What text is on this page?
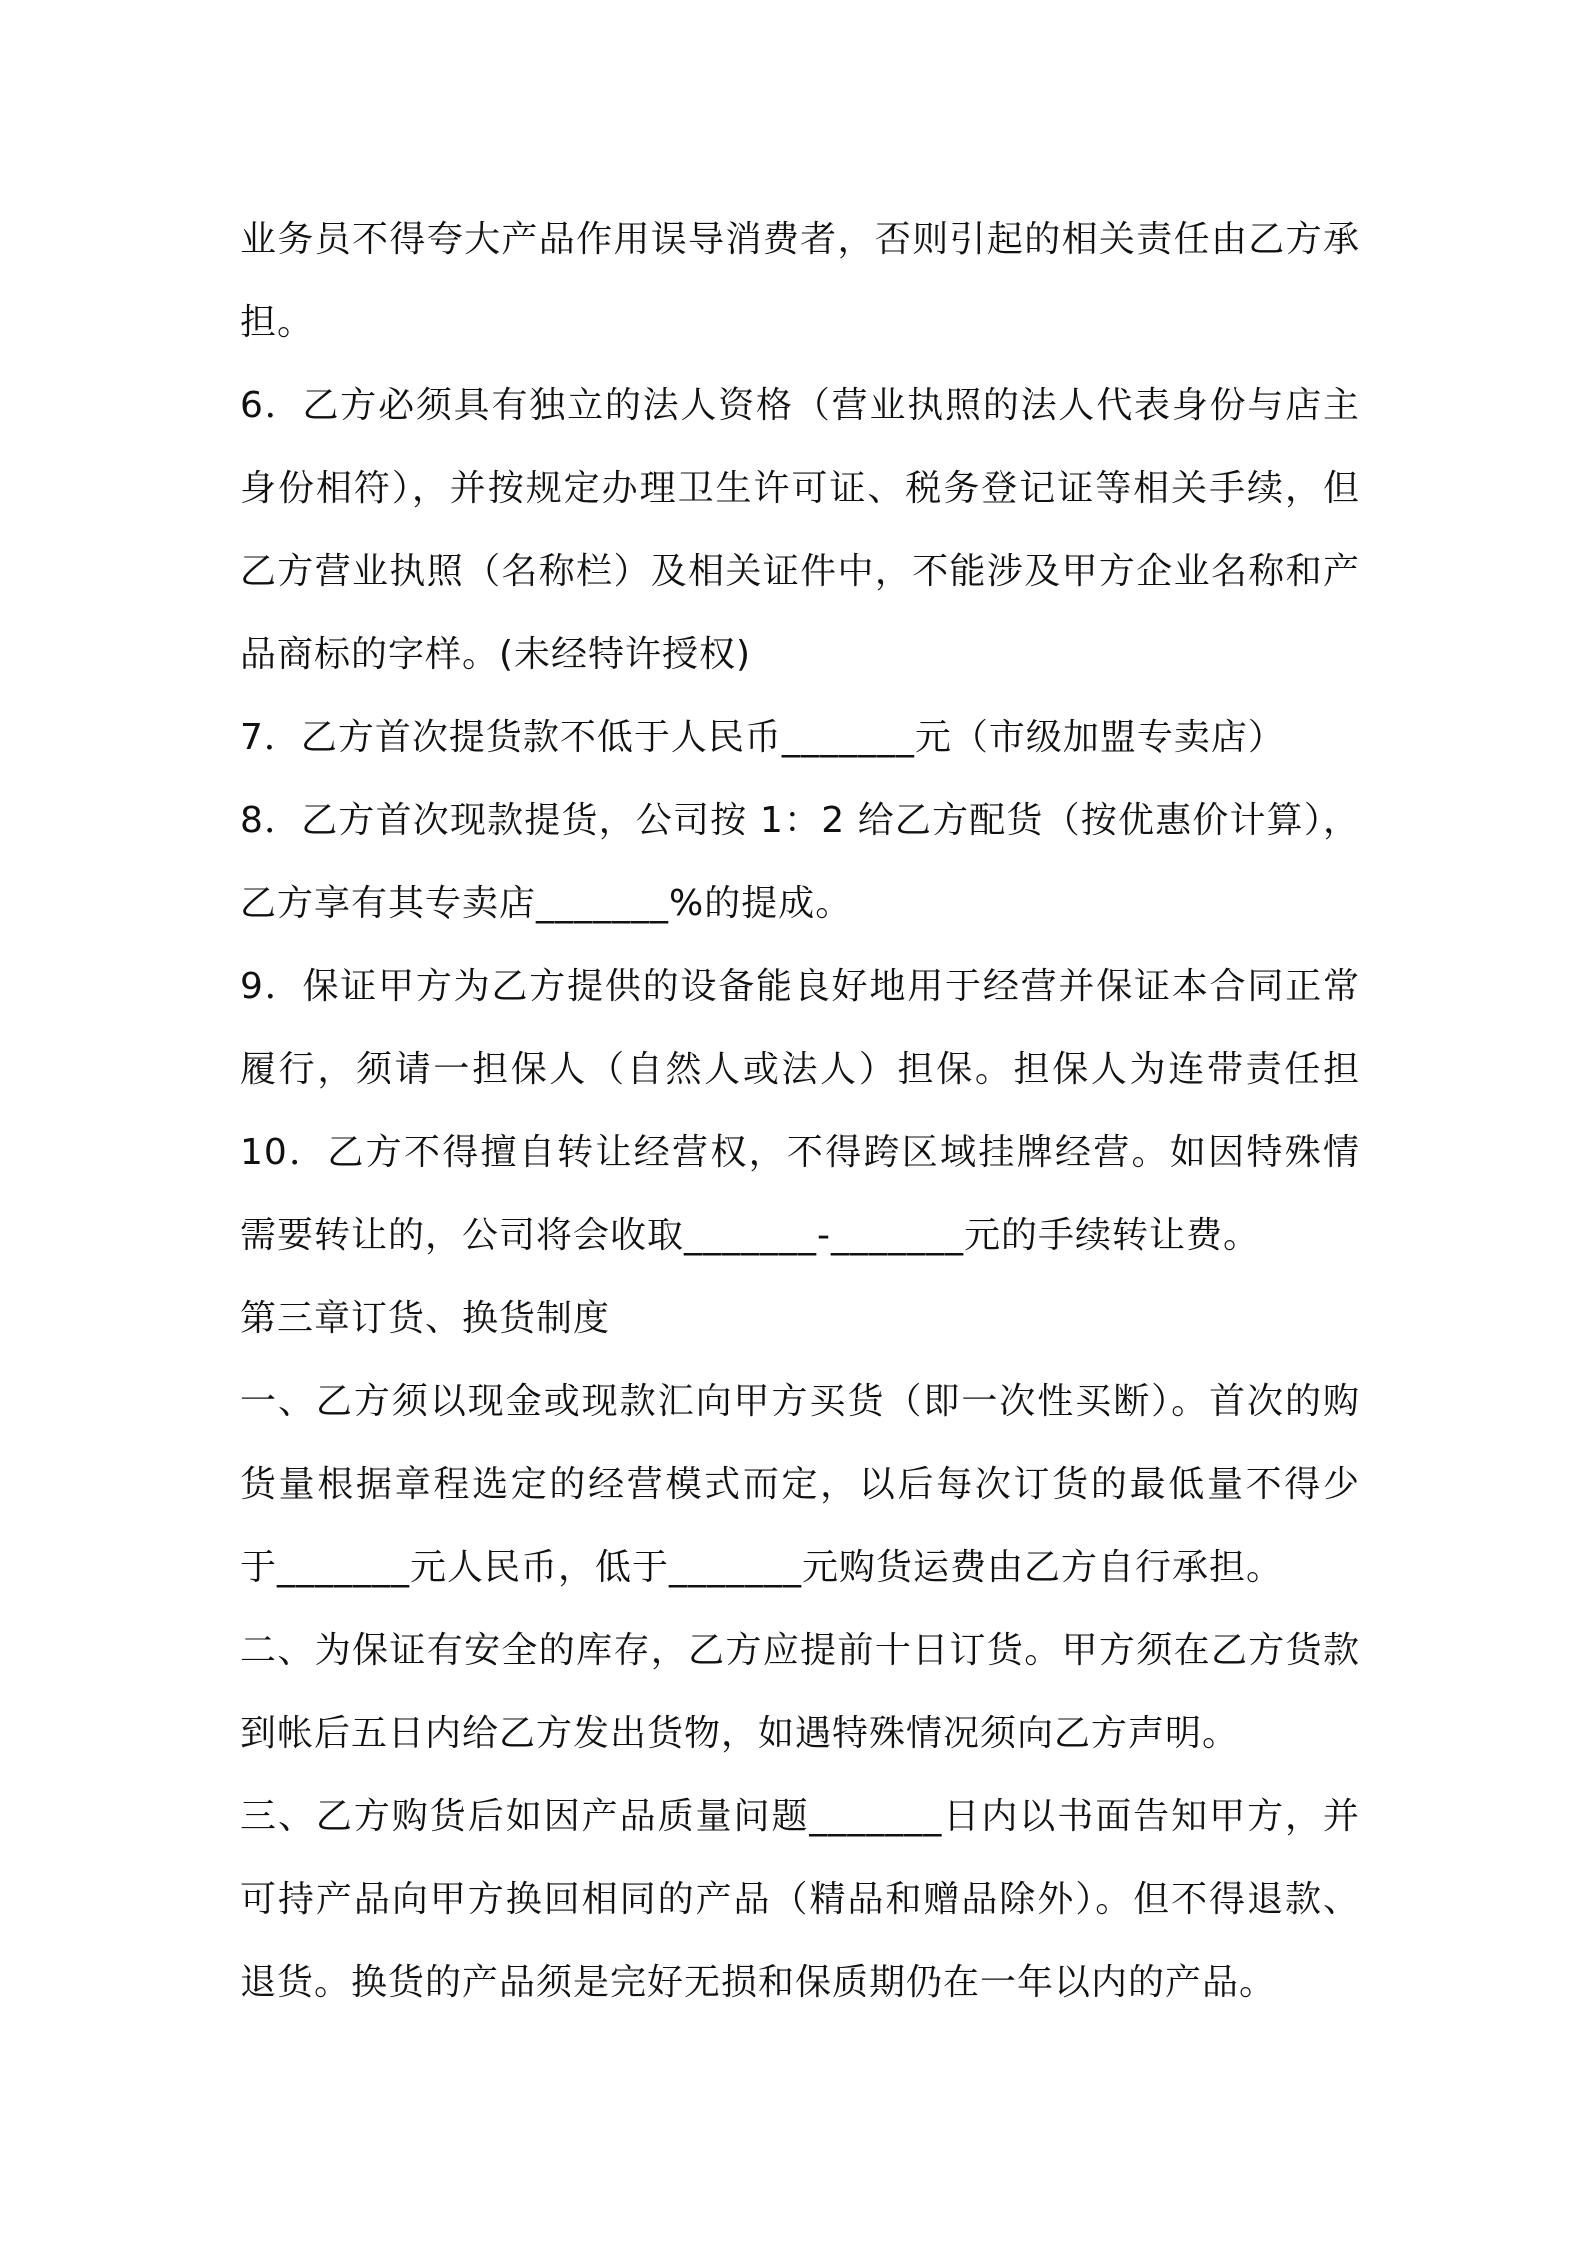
业务员不得夸大产品作用误导消费者，否则引起的相关责任由乙方承
担。
6．乙方必须具有独立的法人资格（营业执照的法人代表身份与店主
身份相符），并按规定办理卫生许可证、税务登记证等相关手续，但
乙方营业执照（名称栏）及相关证件中，不能涉及甲方企业名称和产
品商标的字样。(未经特许授权)
7．乙方首次提货款不低于人民币_______元（市级加盟专卖店）
8．乙方首次现款提货，公司按 1：2 给乙方配货（按优惠价计算），
乙方享有其专卖店_______%的提成。
9．保证甲方为乙方提供的设备能良好地用于经营并保证本合同正常
履行，须请一担保人（自然人或法人）担保。担保人为连带责任担
10．乙方不得擅自转让经营权，不得跨区域挂牌经营。如因特殊情
需要转让的，公司将会收取_______-_______元的手续转让费。
第三章订货、换货制度
一、乙方须以现金或现款汇向甲方买货（即一次性买断）。首次的购
货量根据章程选定的经营模式而定，以后每次订货的最低量不得少
于_______元人民币，低于_______元购货运费由乙方自行承担。
二、为保证有安全的库存，乙方应提前十日订货。甲方须在乙方货款
到帐后五日内给乙方发出货物，如遇特殊情况须向乙方声明。
三、乙方购货后如因产品质量问题_______日内以书面告知甲方，并
可持产品向甲方换回相同的产品（精品和赠品除外）。但不得退款、
退货。换货的产品须是完好无损和保质期仍在一年以内的产品。
